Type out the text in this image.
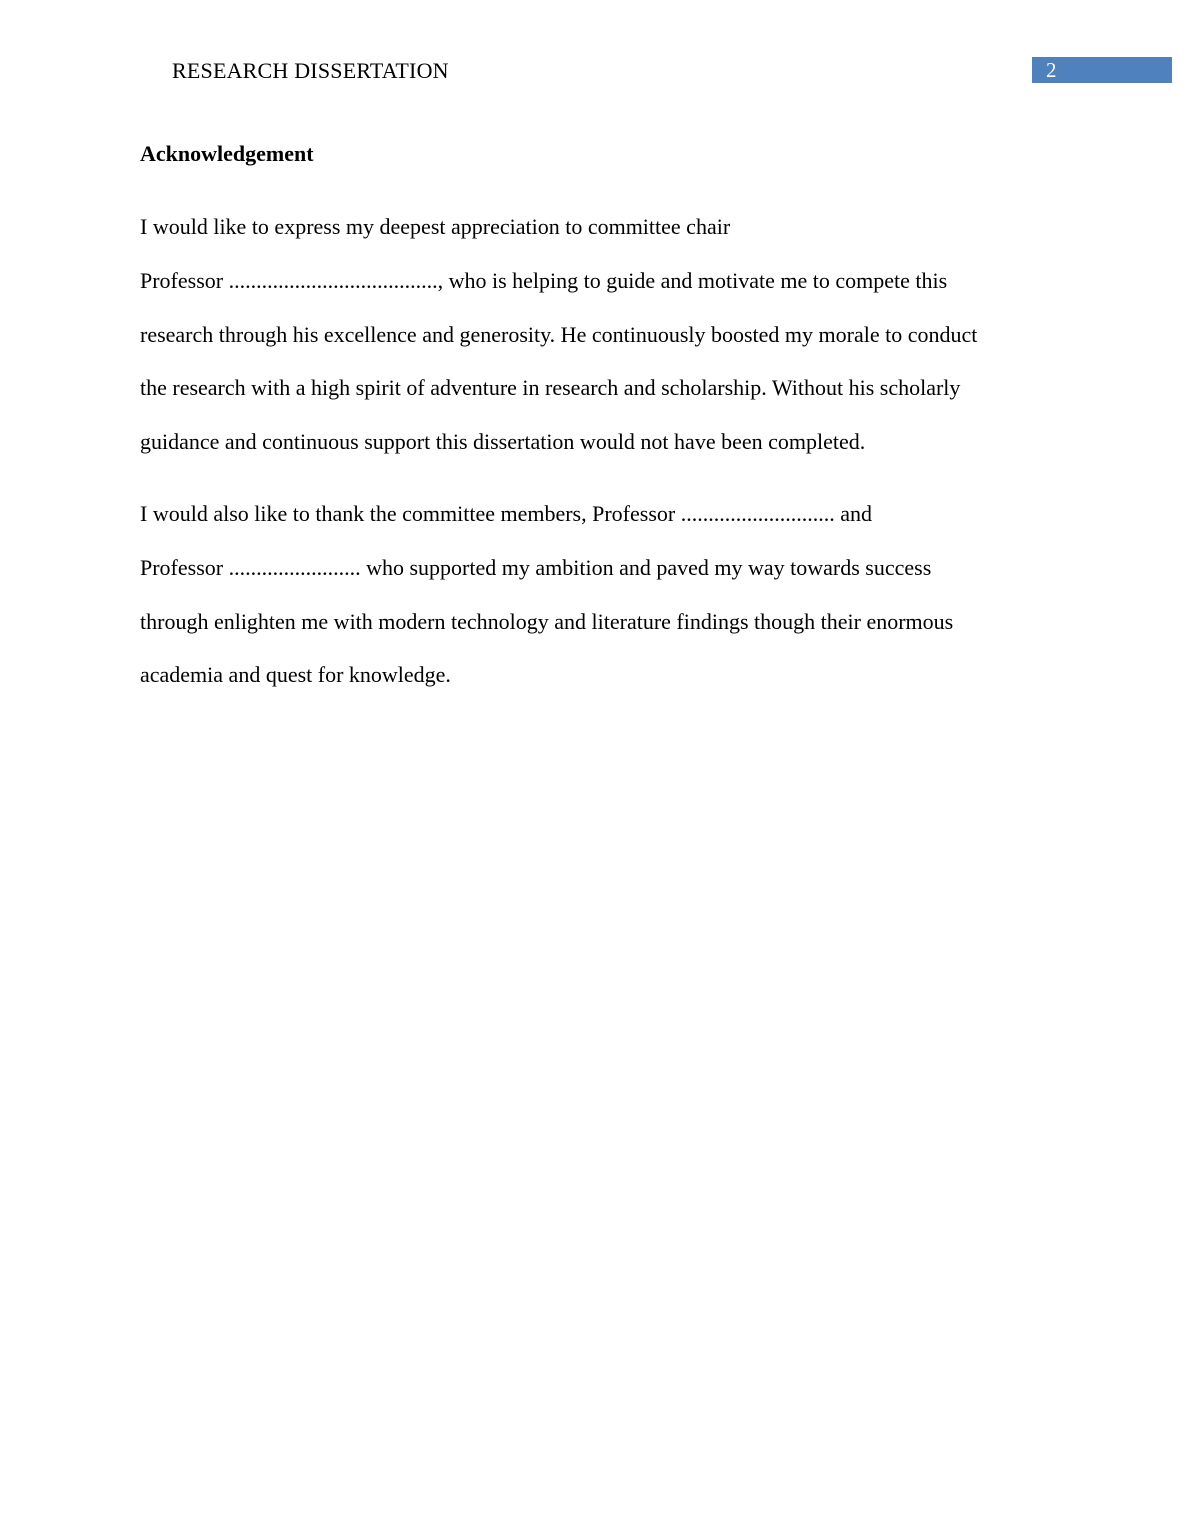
RESEARCH DISSERTATION	2
Acknowledgement

I would like to express my deepest appreciation to committee chair
Professor ......................................, who is helping to guide and motivate me to compete this
research through his excellence and generosity. He continuously boosted my morale to conduct
the research with a high spirit of adventure in research and scholarship. Without his scholarly
guidance and continuous support this dissertation would not have been completed.

I would also like to thank the committee members, Professor ............................ and
Professor ........................ who supported my ambition and paved my way towards success
through enlighten me with modern technology and literature findings though their enormous
academia and quest for knowledge.
